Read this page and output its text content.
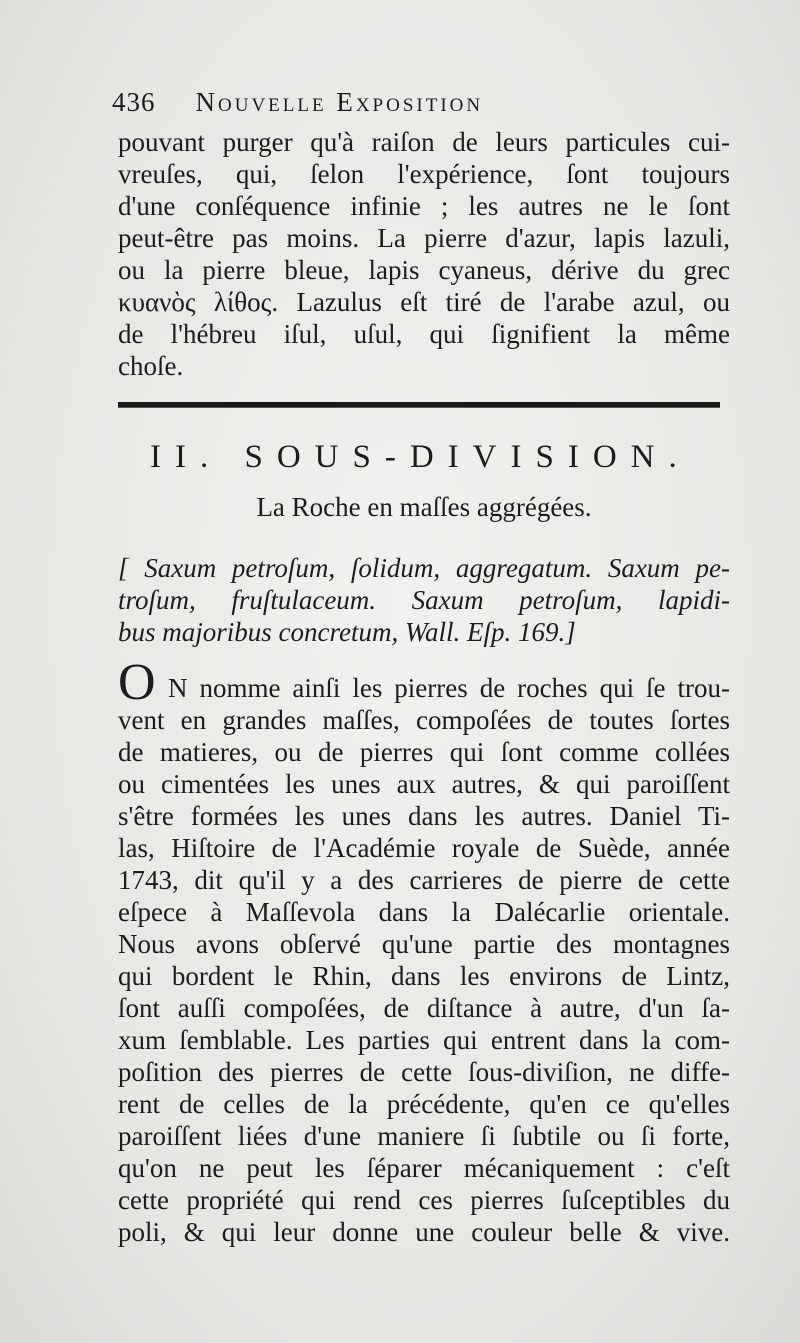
436 Nouvelle Exposition
pouvant purger qu'à raiſon de leurs particules cui-
vreuſes, qui, ſelon l'expérience, ſont toujours
d'une conſéquence infinie ; les autres ne le ſont
peut-être pas moins. La pierre d'azur, lapis lazuli,
ou la pierre bleue, lapis cyaneus, dérive du grec
κυανὸς λίθος. Lazulus eſt tiré de l'arabe azul, ou
de l'hébreu iſul, uſul, qui ſignifient la même
choſe.
II. SOUS-DIVISION.
La Roche en maſſes aggrégées.
[ Saxum petroſum, ſolidum, aggregatum. Saxum pe-
troſum, fruſtulaceum. Saxum petroſum, lapidi-
bus majoribus concretum, Wall. Eſp. 169.]
O N nomme ainſi les pierres de roches qui ſe trou-
vent en grandes maſſes, compoſées de toutes ſortes
de matieres, ou de pierres qui ſont comme collées
ou cimentées les unes aux autres, & qui paroiſſent
s'être formées les unes dans les autres. Daniel Ti-
las, Hiſtoire de l'Académie royale de Suède, année
1743, dit qu'il y a des carrieres de pierre de cette
eſpece à Maſſevola dans la Dalécarlie orientale.
Nous avons obſervé qu'une partie des montagnes
qui bordent le Rhin, dans les environs de Lintz,
ſont auſſi compoſées, de diſtance à autre, d'un ſa-
xum ſemblable. Les parties qui entrent dans la com-
poſition des pierres de cette ſous-diviſion, ne diffe-
rent de celles de la précédente, qu'en ce qu'elles
paroiſſent liées d'une maniere ſi ſubtile ou ſi forte,
qu'on ne peut les ſéparer mécaniquement : c'eſt
cette propriété qui rend ces pierres ſuſceptibles du
poli, & qui leur donne une couleur belle & vive.
